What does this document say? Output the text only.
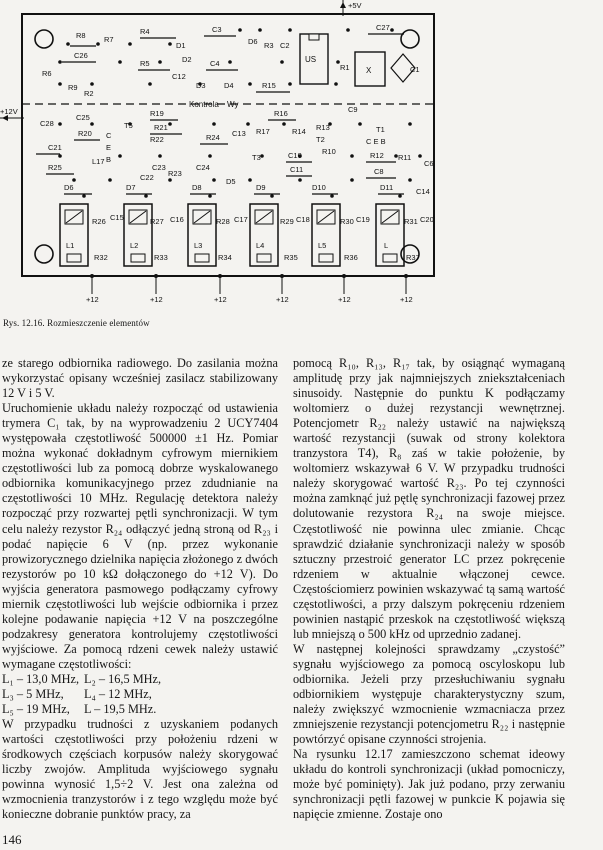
+5V
+12V
Kontrola Wy
US
X
R8 R7
R4	C3
D6 R3 C2
C27
C26
R5
D1
D2 C4
D3 D4
C12
R1	C1
R6
R9
R2
R15
C25
C28
R19	R16	C9
T5
R20
R21
R24
R22
C13 R17	R14 R13
T2
R10
T1
C E B
C21
C
E
B
C23	C24
T3	C10	R12 R11
C6
R25
L17
C22 R23	C11	C8
D5
D6	D7	D8	D9	D10	D11	C14
R26 C15	R27 C16	R28 C17	R29 C18	R30 C19	R31 C20
R32	R33	R34	R35	R36	R37
L1	L2	L3	L4	L5	L
+12	+12	+12	+12	+12	+12
Rys. 12.16. Rozmieszczenie elementów

ze starego odbiornika radiowego. Do zasilania można wykorzystać opisany wcześniej zasilacz stabilizowany 12 V i 5 V.

Uruchomienie układu należy rozpocząć od ustawienia trymera C₁ tak, by na wyprowadzeniu 2 UCY7404 występowała częstotliwość 500000 ±1 Hz. Pomiar można wykonać dokładnym cyfrowym miernikiem częstotliwości lub za pomocą dobrze wyskalowanego odbiornika komunikacyjnego przez zdudnianie na częstotliwości 10 MHz. Regulację detektora należy rozpocząć przy rozwartej pętli synchronizacji. W tym celu należy rezystor R₂₄ odłączyć jedną stroną od R₂₃ i podać napięcie 6 V (np. przez wykonanie prowizorycznego dzielnika napięcia złożonego z dwóch rezystorów po 10 kΩ dołączonego do +12 V). Do wyjścia generatora pasmowego podłączamy cyfrowy miernik częstotliwości lub wejście odbiornika i przez kolejne podawanie napięcia +12 V na poszczególne podzakresy generatora kontrolujemy częstotliwości wyjściowe. Za pomocą rdzeni cewek należy ustawić wymagane częstotliwości:

L₁ – 13,0 MHz, L₂ – 16,5 MHz,
L₃ – 5 MHz,	L₄ – 12 MHz,
L₅ – 19 MHz,	L – 19,5 MHz.

W przypadku trudności z uzyskaniem podanych wartości częstotliwości przy położeniu rdzeni w środkowych częściach korpusów należy skorygować liczby zwojów. Amplituda wyjściowego sygnału powinna wynosić 1,5÷2 V. Jest ona zależna od wzmocnienia tranzystorów i z tego względu może być konieczne dobranie punktów pracy, za

pomocą R₁₀, R₁₃, R₁₇ tak, by osiągnąć wymaganą amplitudę przy jak najmniejszych zniekształceniach sinusoidy. Następnie do punktu K podłączamy woltomierz o dużej rezystancji wewnętrznej. Potencjometr R₂₂ należy ustawić na największą wartość rezystancji (suwak od strony kolektora tranzystora T4), R₈ zaś w takie położenie, by woltomierz wskazywał 6 V. W przypadku trudności należy skorygować wartość R₂₃. Po tej czynności można zamknąć już pętlę synchronizacji fazowej przez dolutowanie rezystora R₂₄ na swoje miejsce. Częstotliwość nie powinna ulec zmianie. Chcąc sprawdzić działanie synchronizacji należy w sposób sztuczny przestroić generator LC przez pokręcenie rdzeniem w aktualnie włączonej cewce. Częstościomierz powinien wskazywać tą samą wartość częstotliwości, a przy dalszym pokręceniu rdzeniem powinien nastąpić przeskok na częstotliwość większą lub mniejszą o 500 kHz od uprzednio zadanej.

W następnej kolejności sprawdzamy „czystość” sygnału wyjściowego za pomocą oscyloskopu lub odbiornika. Jeżeli przy przesłuchiwaniu sygnału odbiornikiem występuje charakterystyczny szum, należy zwiększyć wzmocnienie wzmacniacza przez zmniejszenie rezystancji potencjometru R₂₂ i następnie powtórzyć opisane czynności strojenia.

Na rysunku 12.17 zamieszczono schemat ideowy układu do kontroli synchronizacji (układ pomocniczy, może być pominięty). Jak już podano, przy zerwaniu synchronizacji pętli fazowej w punkcie K pojawia się napięcie zmienne. Zostaje ono

146
